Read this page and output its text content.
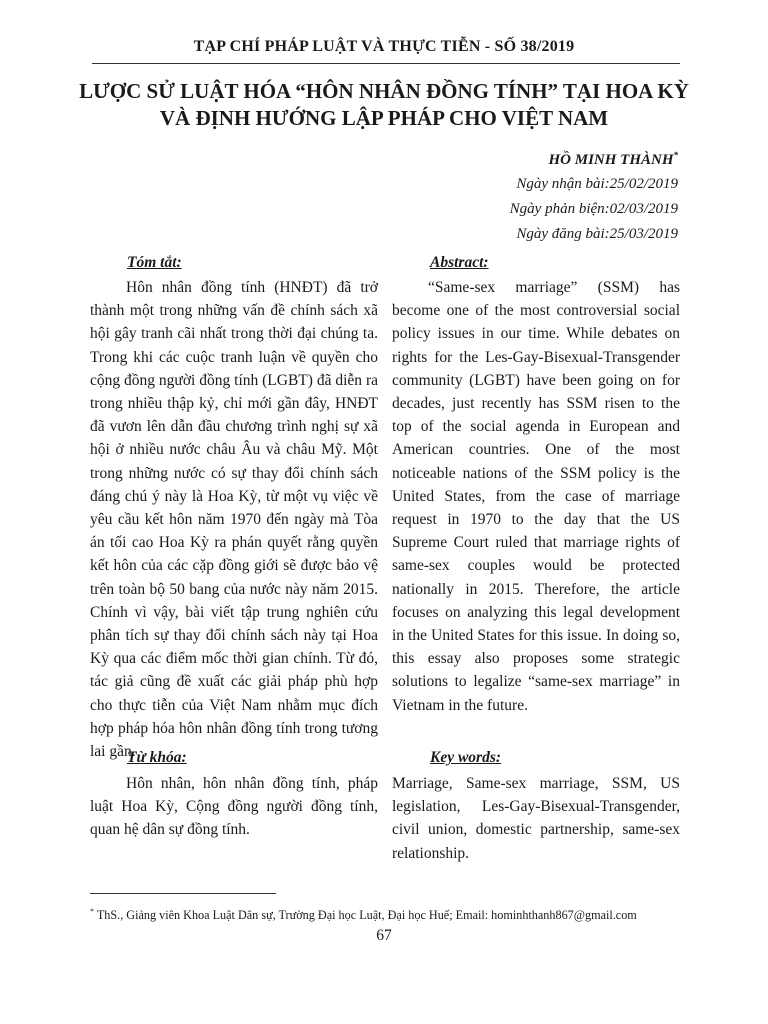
TẠP CHÍ PHÁP LUẬT VÀ THỰC TIỄN - SỐ 38/2019
LƯỢC SỬ LUẬT HÓA “HÔN NHÂN ĐỒNG TÍNH” TẠI HOA KỲ
VÀ ĐỊNH HƯỚNG LẬP PHÁP CHO VIỆT NAM
HỒ MINH THÀNH*
Ngày nhận bài:25/02/2019
Ngày phản biện:02/03/2019
Ngày đăng bài:25/03/2019
Tóm tắt:

Hôn nhân đồng tính (HNĐT) đã trở thành một trong những vấn đề chính sách xã hội gây tranh cãi nhất trong thời đại chúng ta. Trong khi các cuộc tranh luận về quyền cho cộng đồng người đồng tính (LGBT) đã diễn ra trong nhiều thập kỷ, chỉ mới gần đây, HNĐT đã vươn lên dẫn đầu chương trình nghị sự xã hội ở nhiều nước châu Âu và châu Mỹ. Một trong những nước có sự thay đổi chính sách đáng chú ý này là Hoa Kỳ, từ một vụ việc về yêu cầu kết hôn năm 1970 đến ngày mà Tòa án tối cao Hoa Kỳ ra phán quyết rằng quyền kết hôn của các cặp đồng giới sẽ được bảo vệ trên toàn bộ 50 bang của nước này năm 2015. Chính vì vậy, bài viết tập trung nghiên cứu phân tích sự thay đổi chính sách này tại Hoa Kỳ qua các điểm mốc thời gian chính. Từ đó, tác giả cũng đề xuất các giải pháp phù hợp cho thực tiễn của Việt Nam nhằm mục đích hợp pháp hóa hôn nhân đồng tính trong tương lai gần.

Abstract:

“Same-sex marriage” (SSM) has become one of the most controversial social policy issues in our time. While debates on rights for the Les-Gay-Bisexual-Transgender community (LGBT) have been going on for decades, just recently has SSM risen to the top of the social agenda in European and American countries. One of the most noticeable nations of the SSM policy is the United States, from the case of marriage request in 1970 to the day that the US Supreme Court ruled that marriage rights of same-sex couples would be protected nationally in 2015. Therefore, the article focuses on analyzing this legal development in the United States for this issue. In doing so, this essay also proposes some strategic solutions to legalize “same-sex marriage” in Vietnam in the future.

Từ khóa:

Hôn nhân, hôn nhân đồng tính, pháp luật Hoa Kỳ, Cộng đồng người đồng tính, quan hệ dân sự đồng tính.

Key words:

Marriage, Same-sex marriage, SSM, US legislation, Les-Gay-Bisexual-Transgender, civil union, domestic partnership, same-sex relationship.

* ThS., Giảng viên Khoa Luật Dân sự, Trường Đại học Luật, Đại học Huế; Email: hominhthanh867@gmail.com
67
